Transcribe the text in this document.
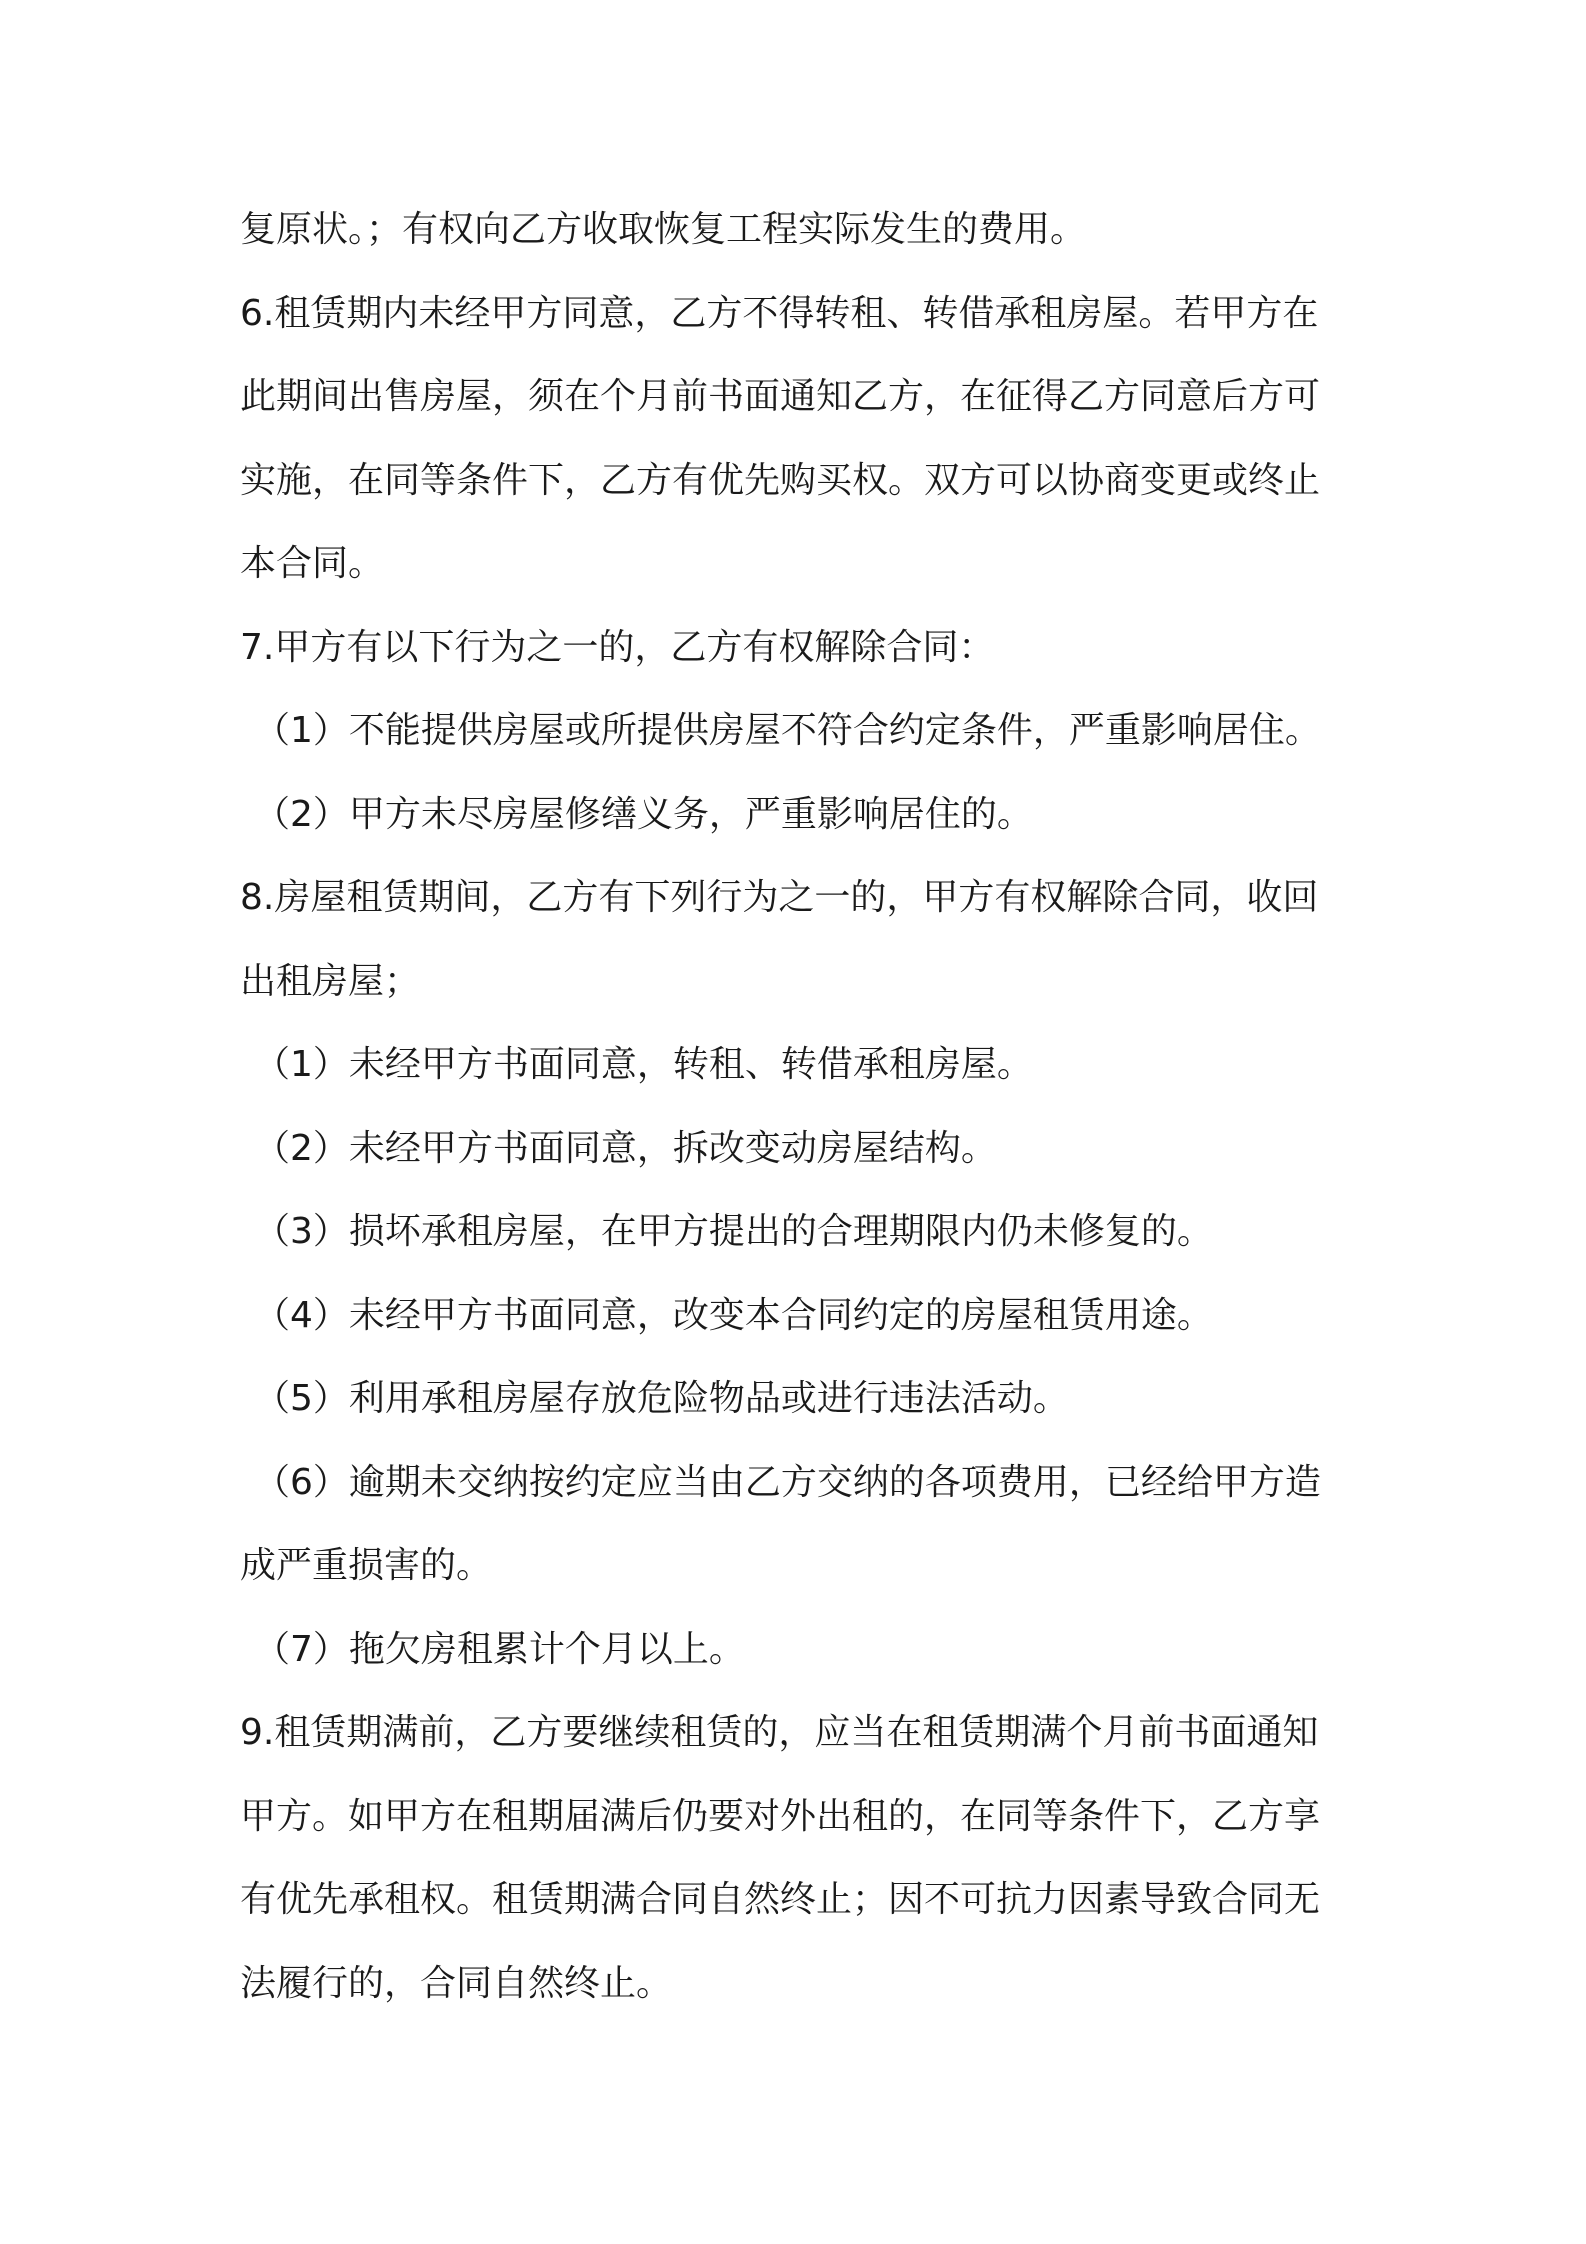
复原状。；有权向乙方收取恢复工程实际发生的费用。
6.租赁期内未经甲方同意，乙方不得转租、转借承租房屋。若甲方在
此期间出售房屋，须在个月前书面通知乙方，在征得乙方同意后方可
实施，在同等条件下，乙方有优先购买权。双方可以协商变更或终止
本合同。
7.甲方有以下行为之一的，乙方有权解除合同：
（1）不能提供房屋或所提供房屋不符合约定条件，严重影响居住。
（2）甲方未尽房屋修缮义务，严重影响居住的。
8.房屋租赁期间，乙方有下列行为之一的，甲方有权解除合同，收回
出租房屋；
（1）未经甲方书面同意，转租、转借承租房屋。
（2）未经甲方书面同意，拆改变动房屋结构。
（3）损坏承租房屋，在甲方提出的合理期限内仍未修复的。
（4）未经甲方书面同意，改变本合同约定的房屋租赁用途。
（5）利用承租房屋存放危险物品或进行违法活动。
（6）逾期未交纳按约定应当由乙方交纳的各项费用，已经给甲方造
成严重损害的。
（7）拖欠房租累计个月以上。
9.租赁期满前，乙方要继续租赁的，应当在租赁期满个月前书面通知
甲方。如甲方在租期届满后仍要对外出租的，在同等条件下，乙方享
有优先承租权。租赁期满合同自然终止；因不可抗力因素导致合同无
法履行的，合同自然终止。
